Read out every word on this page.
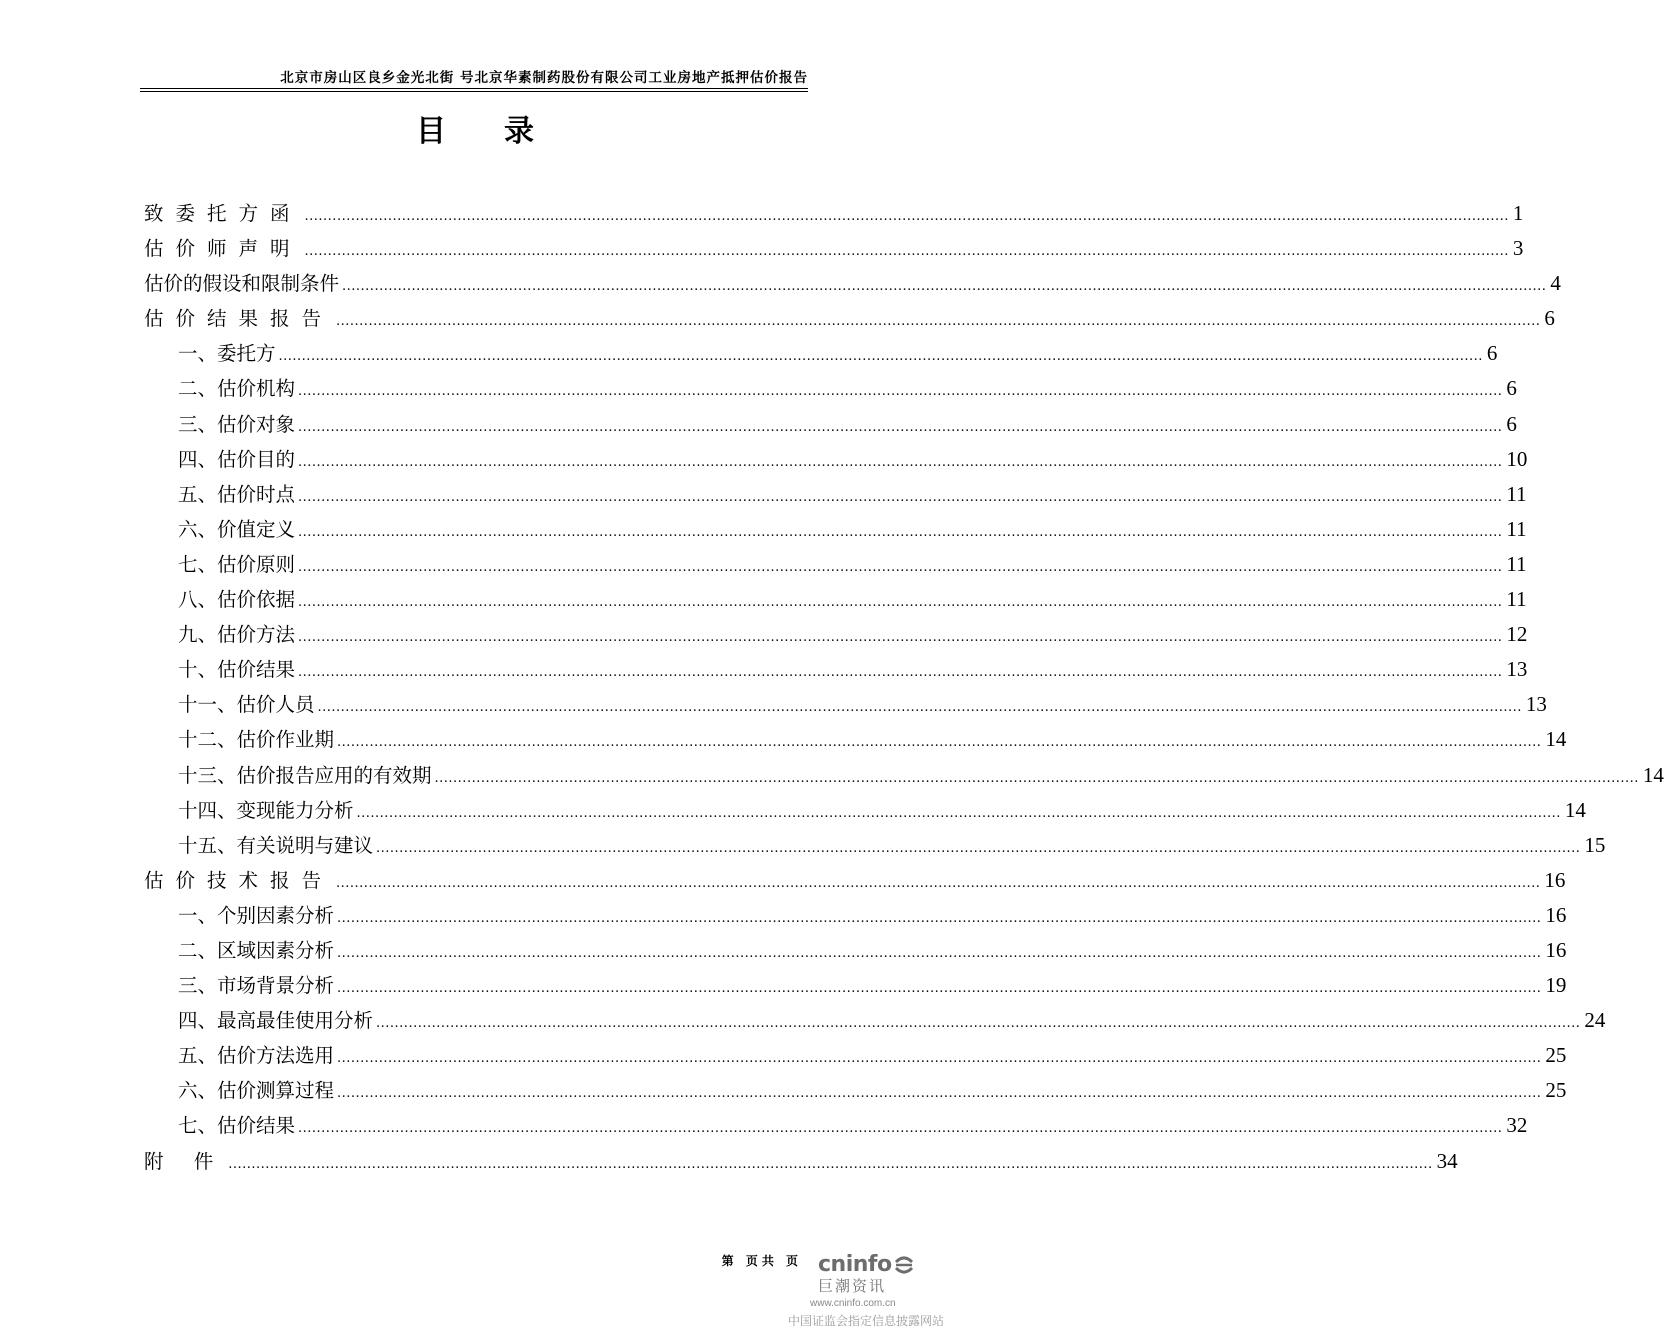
北京市房山区良乡金光北街 号北京华素制药股份有限公司工业房地产抵押估价报告
目录
致委托方函 .................................................................................................................................................................................................................................................................... 1
估价师声明 .................................................................................................................................................................................................................................................................... 3
估价的假设和限制条件 .................................................................................................................................................................................................................................................................... 4
估价结果报告 .................................................................................................................................................................................................................................................................... 6
一、委托方 .................................................................................................................................................................................................................................................................... 6
二、估价机构 .................................................................................................................................................................................................................................................................... 6
三、估价对象 .................................................................................................................................................................................................................................................................... 6
四、估价目的 .................................................................................................................................................................................................................................................................... 10
五、估价时点 .................................................................................................................................................................................................................................................................... 11
六、价值定义 .................................................................................................................................................................................................................................................................... 11
七、估价原则 .................................................................................................................................................................................................................................................................... 11
八、估价依据 .................................................................................................................................................................................................................................................................... 11
九、估价方法 .................................................................................................................................................................................................................................................................... 12
十、估价结果 .................................................................................................................................................................................................................................................................... 13
十一、估价人员 .................................................................................................................................................................................................................................................................... 13
十二、估价作业期 .................................................................................................................................................................................................................................................................... 14
十三、估价报告应用的有效期 .................................................................................................................................................................................................................................................................... 14
十四、变现能力分析 .................................................................................................................................................................................................................................................................... 14
十五、有关说明与建议 .................................................................................................................................................................................................................................................................... 15
估价技术报告 .................................................................................................................................................................................................................................................................... 16
一、个别因素分析 .................................................................................................................................................................................................................................................................... 16
二、区域因素分析 .................................................................................................................................................................................................................................................................... 16
三、市场背景分析 .................................................................................................................................................................................................................................................................... 19
四、最高最佳使用分析 .................................................................................................................................................................................................................................................................... 24
五、估价方法选用 .................................................................................................................................................................................................................................................................... 25
六、估价测算过程 .................................................................................................................................................................................................................................................................... 25
七、估价结果 .................................................................................................................................................................................................................................................................... 32
附 件 .................................................................................................................................................................................................................................................................... 34
第 页共 页 cninfo
巨潮资讯
www.cninfo.com.cn
中国证监会指定信息披露网站
